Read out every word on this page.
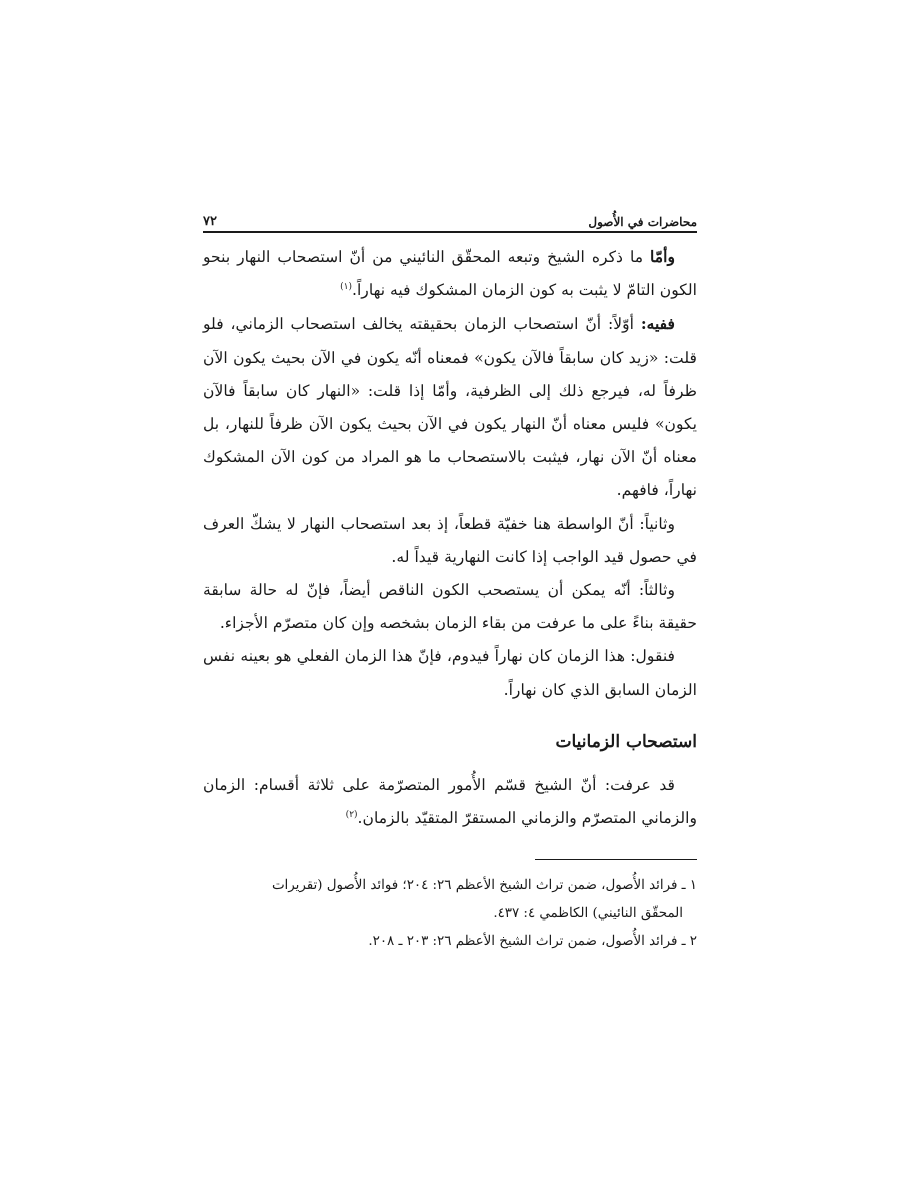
محاضرات في الأُصول
٧٢

وأمّا ما ذكره الشيخ وتبعه المحقّق النائيني من أنّ استصحاب النهار بنحو الكون التامّ لا يثبت به كون الزمان المشكوك فيه نهاراً.$^{(١)}$

ففيه: أوّلاً: أنّ استصحاب الزمان بحقيقته يخالف استصحاب الزماني، فلو قلت: «زيد كان سابقاً فالآن يكون» فمعناه أنّه يكون في الآن بحيث يكون الآن ظرفاً له، فيرجع ذلك إلى الظرفية، وأمّا إذا قلت: «النهار كان سابقاً فالآن يكون» فليس معناه أنّ النهار يكون في الآن بحيث يكون الآن ظرفاً للنهار، بل معناه أنّ الآن نهار، فيثبت بالاستصحاب ما هو المراد من كون الآن المشكوك نهاراً، فافهم.

وثانياً: أنّ الواسطة هنا خفيّة قطعاً، إذ بعد استصحاب النهار لا يشكّ العرف في حصول قيد الواجب إذا كانت النهارية قيداً له.

وثالثاً: أنّه يمكن أن يستصحب الكون الناقص أيضاً، فإنّ له حالة سابقة حقيقة بناءً على ما عرفت من بقاء الزمان بشخصه وإن كان متصرّم الأجزاء.

فنقول: هذا الزمان كان نهاراً فيدوم، فإنّ هذا الزمان الفعلي هو بعينه نفس الزمان السابق الذي كان نهاراً.

استصحاب الزمانيات

قد عرفت: أنّ الشيخ قسّم الأُمور المتصرّمة على ثلاثة أقسام: الزمان والزماني المتصرّم والزماني المستقرّ المتقيّد بالزمان.$^{(٢)}$

١ ـ فرائد الأُصول، ضمن تراث الشيخ الأعظم ٢٦: ٢٠٤؛ فوائد الأُصول (تقريرات

المحقّق النائيني) الكاظمي ٤: ٤٣٧.

٢ ـ فرائد الأُصول، ضمن تراث الشيخ الأعظم ٢٦: ٢٠٣ ـ ٢٠٨.
